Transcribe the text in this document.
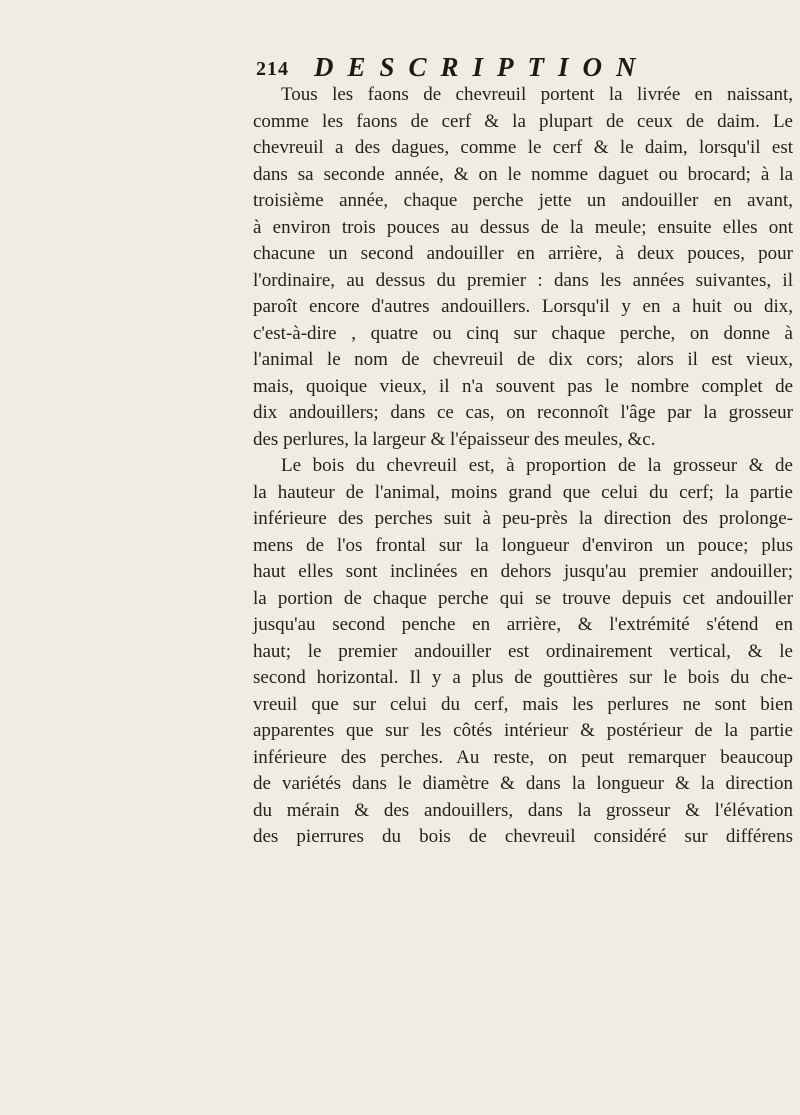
214 DESCRIPTION
Tous les faons de chevreuil portent la livrée en naissant,
comme les faons de cerf & la plupart de ceux de daim. Le
chevreuil a des dagues, comme le cerf & le daim, lorsqu'il est
dans sa seconde année, & on le nomme daguet ou brocard; à la
troisième année, chaque perche jette un andouiller en avant,
à environ trois pouces au dessus de la meule; ensuite elles ont
chacune un second andouiller en arrière, à deux pouces, pour
l'ordinaire, au dessus du premier : dans les années suivantes, il
paroît encore d'autres andouillers. Lorsqu'il y en a huit ou dix,
c'est-à-dire , quatre ou cinq sur chaque perche, on donne à
l'animal le nom de chevreuil de dix cors; alors il est vieux,
mais, quoique vieux, il n'a souvent pas le nombre complet de
dix andouillers; dans ce cas, on reconnoît l'âge par la grosseur
des perlures, la largeur & l'épaisseur des meules, &c.
Le bois du chevreuil est, à proportion de la grosseur & de
la hauteur de l'animal, moins grand que celui du cerf; la partie
inférieure des perches suit à peu-près la direction des prolonge-
mens de l'os frontal sur la longueur d'environ un pouce; plus
haut elles sont inclinées en dehors jusqu'au premier andouiller;
la portion de chaque perche qui se trouve depuis cet andouiller
jusqu'au second penche en arrière, & l'extrémité s'étend en
haut; le premier andouiller est ordinairement vertical, & le
second horizontal. Il y a plus de gouttières sur le bois du che-
vreuil que sur celui du cerf, mais les perlures ne sont bien
apparentes que sur les côtés intérieur & postérieur de la partie
inférieure des perches. Au reste, on peut remarquer beaucoup
de variétés dans le diamètre & dans la longueur & la direction
du mérain & des andouillers, dans la grosseur & l'élévation
des pierrures du bois de chevreuil considéré sur différens
